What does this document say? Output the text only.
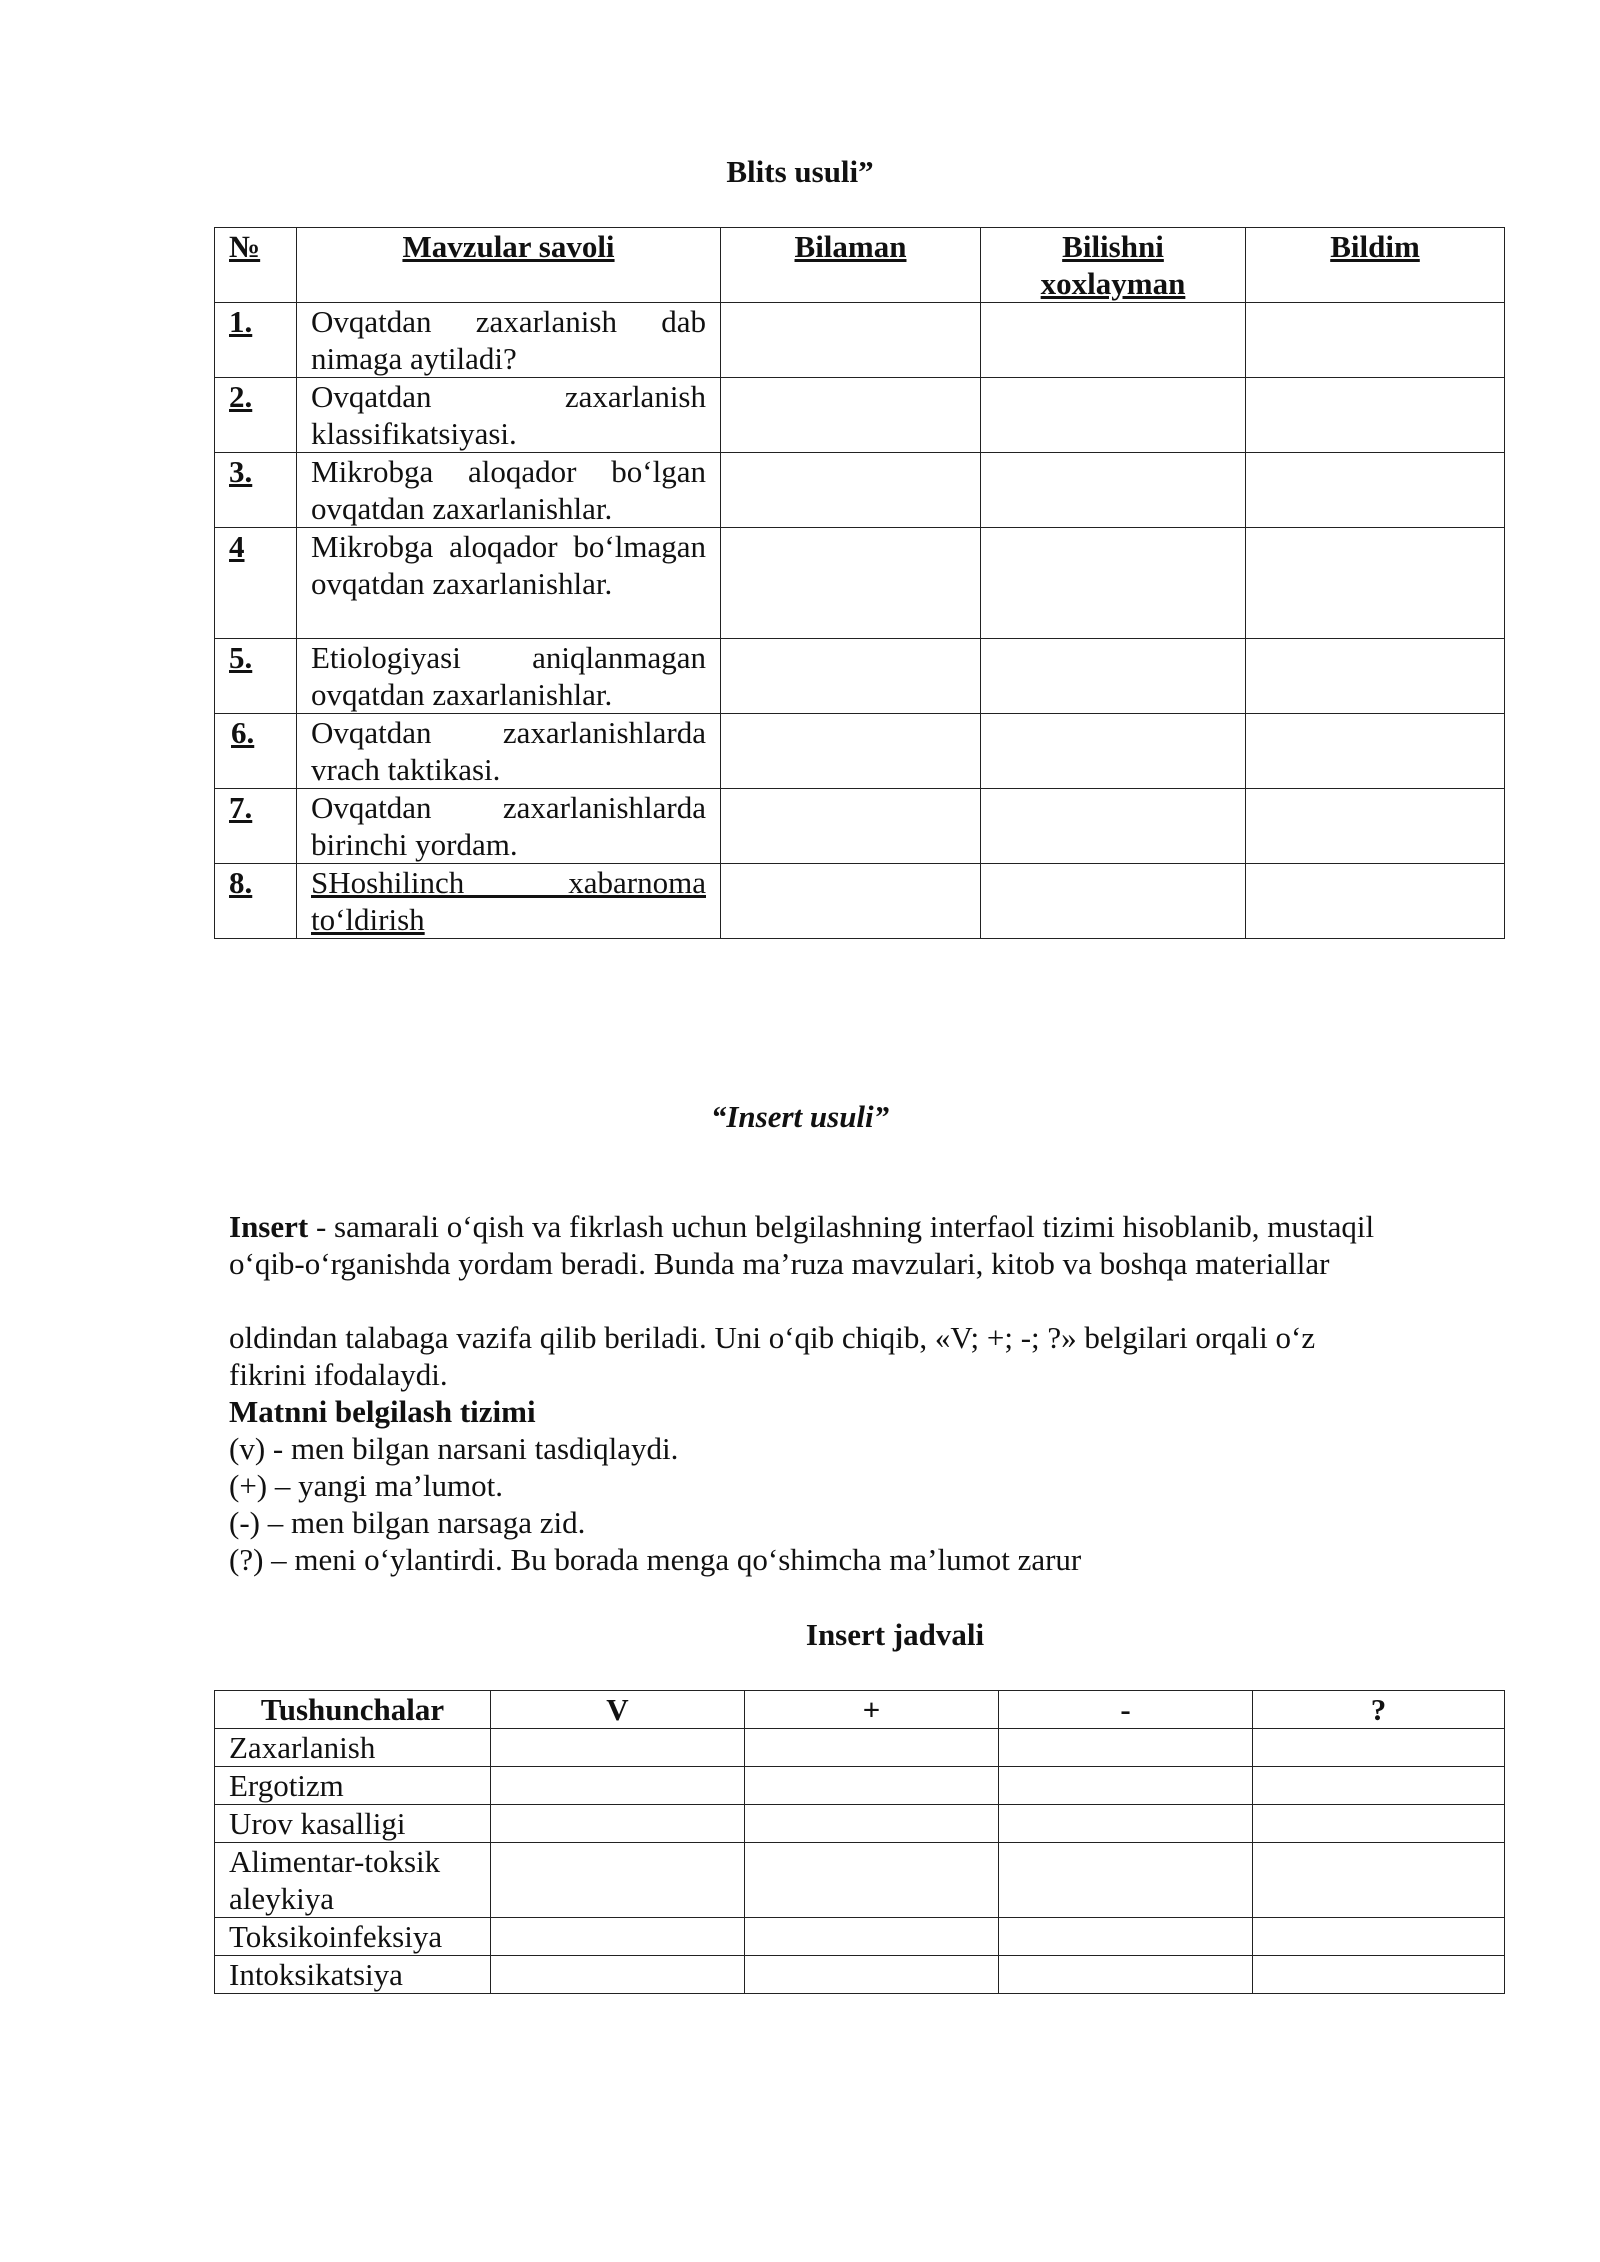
Blits usuli”
№	Mavzular savoli	Bilaman	Bilishni xoxlayman	Bildim
1.	Ovqatdan zaxarlanish dab nimaga aytiladi?			
2.	Ovqatdan zaxarlanish klassifikatsiyasi.			
3.	Mikrobga aloqador bo‘lgan ovqatdan zaxarlanishlar.			
4	Mikrobga aloqador bo‘lmagan ovqatdan zaxarlanishlar.			
5.	Etiologiyasi aniqlanmagan ovqatdan zaxarlanishlar.			
6.	Ovqatdan zaxarlanishlarda vrach taktikasi.			
7.	Ovqatdan zaxarlanishlarda birinchi yordam.			
8.	SHoshilinch xabarnoma to‘ldirish			
“Insert usuli”
Insert - samarali o‘qish va fikrlash uchun belgilashning interfaol tizimi hisoblanib, mustaqil o‘qib-o‘rganishda yordam beradi. Bunda ma’ruza mavzulari, kitob va boshqa materiallar
oldindan talabaga vazifa qilib beriladi. Uni o‘qib chiqib, «V; +; -; ?» belgilari orqali o‘z fikrini ifodalaydi.
Matnni belgilash tizimi
(v) - men bilgan narsani tasdiqlaydi.
(+) – yangi ma’lumot.
(-) – men bilgan narsaga zid.
(?) – meni o‘ylantirdi. Bu borada menga qo‘shimcha ma’lumot zarur
Insert jadvali
Tushunchalar	V	+	-	?
Zaxarlanish				
Ergotizm				
Urov kasalligi				
Alimentar-toksik aleykiya				
Toksikoinfeksiya				
Intoksikatsiya				
